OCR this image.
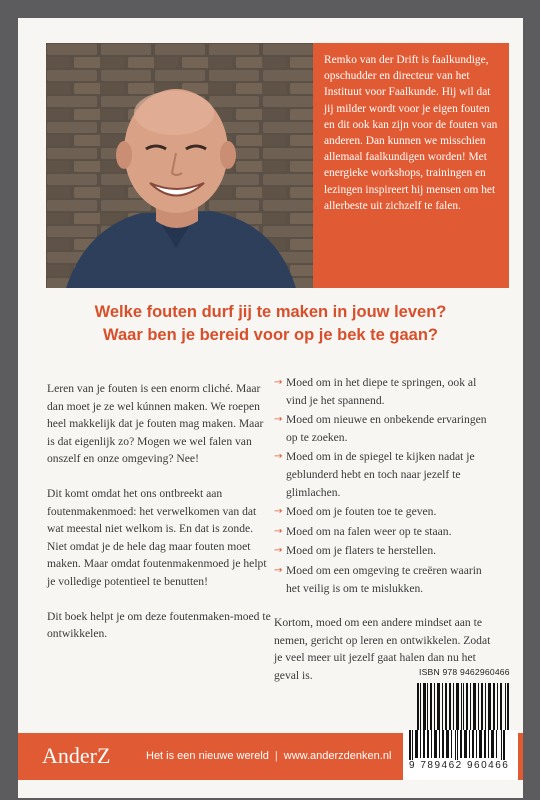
Remko van der Drift is faalkundige, opschudder en directeur van het Instituut voor Faalkunde. Hij wil dat jij milder wordt voor je eigen fouten en dit ook kan zijn voor de fouten van anderen. Dan kunnen we misschien allemaal faalkundigen worden! Met energieke workshops, trainingen en lezingen inspireert hij mensen om het allerbeste uit zichzelf te falen.

Welke fouten durf jij te maken in jouw leven?
Waar ben je bereid voor op je bek te gaan?

Leren van je fouten is een enorm cliché. Maar dan moet je ze wel kúnnen maken. We roepen heel makkelijk dat je fouten mag maken. Maar is dat eigenlijk zo? Mogen we wel falen van onszelf en onze omgeving? Nee!

Dit komt omdat het ons ontbreekt aan foutenmakenmoed: het verwelkomen van dat wat meestal niet welkom is. En dat is zonde. Niet omdat je de hele dag maar fouten moet maken. Maar omdat foutenmakenmoed je helpt je volledige potentieel te benutten!

Dit boek helpt je om deze foutenmaken-moed te ontwikkelen.

→ Moed om in het diepe te springen, ook al vind je het spannend.
→ Moed om nieuwe en onbekende ervaringen op te zoeken.
→ Moed om in de spiegel te kijken nadat je geblunderd hebt en toch naar jezelf te glimlachen.
→ Moed om je fouten toe te geven.
→ Moed om na falen weer op te staan.
→ Moed om je flaters te herstellen.
→ Moed om een omgeving te creëren waarin het veilig is om te mislukken.

Kortom, moed om een andere mindset aan te nemen, gericht op leren en ontwikkelen. Zodat je veel meer uit jezelf gaat halen dan nu het geval is.	ISBN 978 9462960466
AnderZ	Het is een nieuwe wereld | www.anderzdenken.nl
9 789462 960466
